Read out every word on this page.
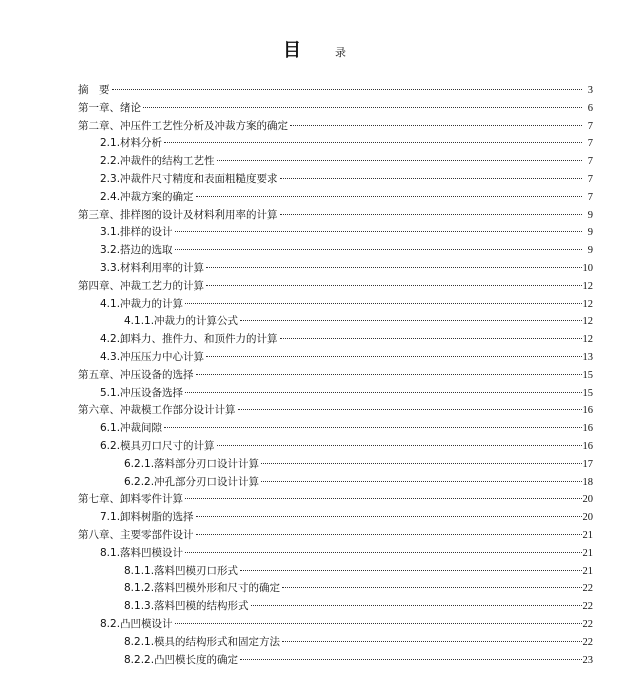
目	录
摘　要	3
第一章、绪论	6
第二章、冲压件工艺性分析及冲裁方案的确定	7
2.1.材料分析	7
2.2.冲裁件的结构工艺性	7
2.3.冲裁件尺寸精度和表面粗糙度要求	7
2.4.冲裁方案的确定	7
第三章、排样图的设计及材料利用率的计算	9
3.1.排样的设计	9
3.2.搭边的选取	9
3.3.材料利用率的计算	10
第四章、冲裁工艺力的计算	12
4.1.冲裁力的计算	12
4.1.1.冲裁力的计算公式	12
4.2.卸料力、推件力、和顶件力的计算	12
4.3.冲压压力中心计算	13
第五章、冲压设备的选择	15
5.1.冲压设备选择	15
第六章、冲裁模工作部分设计计算	16
6.1.冲裁间隙	16
6.2.模具刃口尺寸的计算	16
6.2.1.落料部分刃口设计计算	17
6.2.2.冲孔部分刃口设计计算	18
第七章、卸料零件计算	20
7.1.卸料树脂的选择	20
第八章、主要零部件设计	21
8.1.落料凹模设计	21
8.1.1.落料凹模刃口形式	21
8.1.2.落料凹模外形和尺寸的确定	22
8.1.3.落料凹模的结构形式	22
8.2.凸凹模设计	22
8.2.1.模具的结构形式和固定方法	22
8.2.2.凸凹模长度的确定	23
